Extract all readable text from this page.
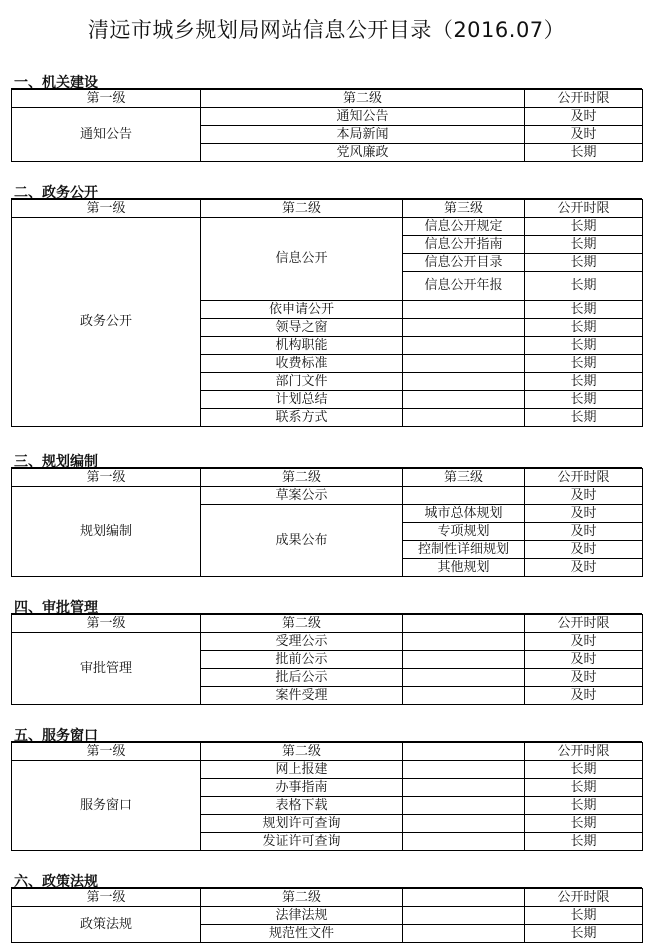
清远市城乡规划局网站信息公开目录（2016.07）
一、机关建设
第一级	第二级	公开时限
通知公告	通知公告	及时
	本局新闻	及时
	党风廉政	长期
二、政务公开
第一级	第二级	第三级	公开时限
政务公开	信息公开	信息公开规定	长期
		信息公开指南	长期
		信息公开目录	长期
		信息公开年报	长期
	依申请公开		长期
	领导之窗		长期
	机构职能		长期
	收费标准		长期
	部门文件		长期
	计划总结		长期
	联系方式		长期
三、规划编制
第一级	第二级	第三级	公开时限
规划编制	草案公示		及时
	成果公布	城市总体规划	及时
		专项规划	及时
		控制性详细规划	及时
		其他规划	及时
四、审批管理
第一级	第二级		公开时限
审批管理	受理公示		及时
	批前公示		及时
	批后公示		及时
	案件受理		及时
五、服务窗口
第一级	第二级		公开时限
服务窗口	网上报建		长期
	办事指南		长期
	表格下载		长期
	规划许可查询		长期
	发证许可查询		长期
六、政策法规
第一级	第二级		公开时限
政策法规	法律法规		长期
	规范性文件		长期
